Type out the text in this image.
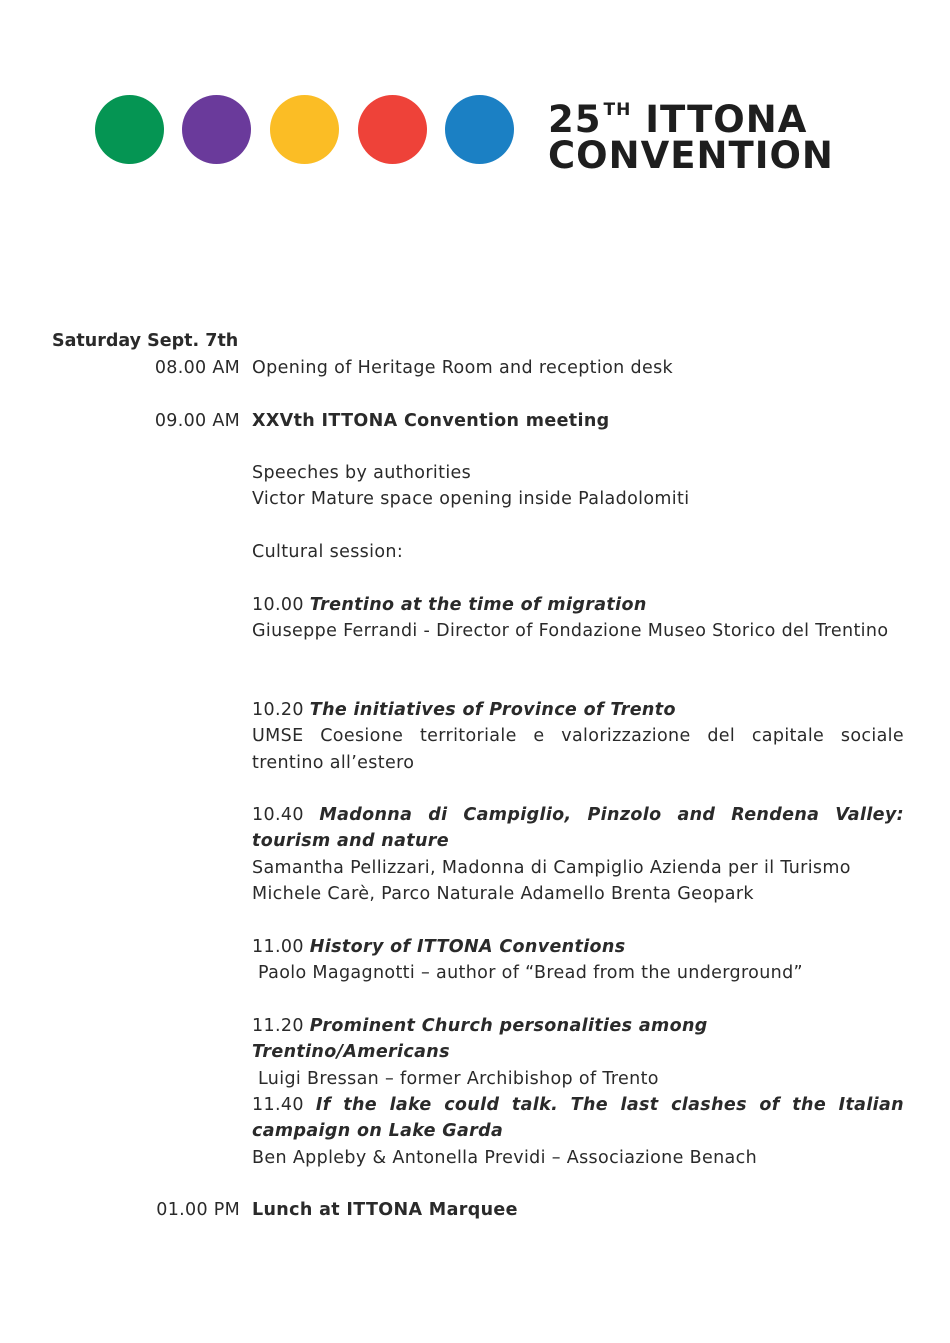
25 $^{TH}$ ITTONA
CONVENTION
Saturday Sept. 7th
08.00 AM Opening of Heritage Room and reception desk
09.00 AM XXVth ITTONA Convention meeting
Speeches by authorities
Victor Mature space opening inside Paladolomiti
Cultural session:
10.00 Trentino at the time of migration
Giuseppe Ferrandi - Director of Fondazione Museo Storico del Trentino
10.20 The initiatives of Province of Trento
UMSE Coesione territoriale e valorizzazione del capitale sociale trentino all’estero
10.40 Madonna di Campiglio, Pinzolo and Rendena Valley: tourism and nature
Samantha Pellizzari, Madonna di Campiglio Azienda per il Turismo
Michele Carè, Parco Naturale Adamello Brenta Geopark
11.00 History of ITTONA Conventions
Paolo Magagnotti – author of “Bread from the underground”
11.20 Prominent Church personalities among Trentino/Americans
Luigi Bressan – former Archibishop of Trento
11.40 If the lake could talk. The last clashes of the Italian campaign on Lake Garda
Ben Appleby & Antonella Previdi – Associazione Benach
01.00 PM Lunch at ITTONA Marquee
